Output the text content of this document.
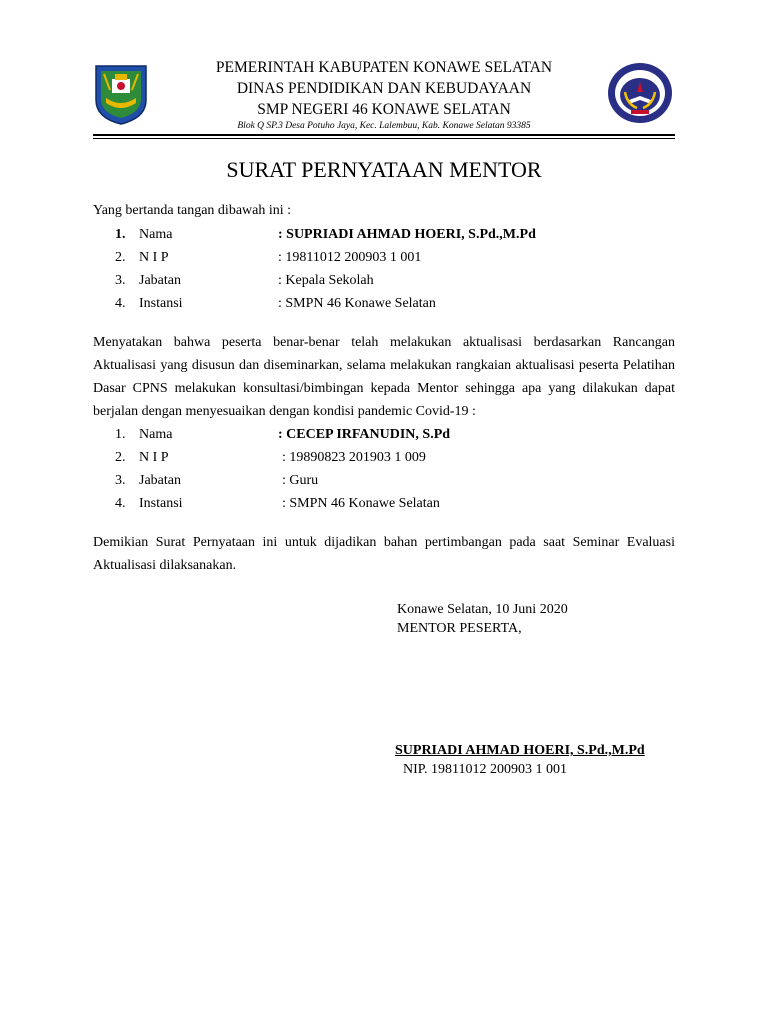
PEMERINTAH KABUPATEN KONAWE SELATAN
DINAS PENDIDIKAN DAN KEBUDAYAAN
SMP NEGERI 46 KONAWE SELATAN
Blok Q SP.3 Desa Potuho Jaya, Kec. Lalembuu, Kab. Konawe Selatan 93385
SURAT PERNYATAAN MENTOR
Yang bertanda tangan dibawah ini :
1. Nama	: SUPRIADI AHMAD HOERI, S.Pd.,M.Pd
2. N I P	: 19811012 200903 1 001
3. Jabatan	: Kepala Sekolah
4. Instansi	: SMPN 46 Konawe Selatan
Menyatakan bahwa peserta benar-benar telah melakukan aktualisasi berdasarkan Rancangan Aktualisasi yang disusun dan diseminarkan, selama melakukan rangkaian aktualisasi peserta Pelatihan Dasar CPNS melakukan konsultasi/bimbingan kepada Mentor sehingga apa yang dilakukan dapat berjalan dengan menyesuaikan dengan kondisi pandemic Covid-19 :
1. Nama	: CECEP IRFANUDIN, S.Pd
2. N I P	: 19890823 201903 1 009
3. Jabatan	: Guru
4. Instansi	: SMPN 46 Konawe Selatan
Demikian Surat Pernyataan ini untuk dijadikan bahan pertimbangan pada saat Seminar Evaluasi Aktualisasi dilaksanakan.
Konawe Selatan, 10 Juni 2020
MENTOR PESERTA,
SUPRIADI AHMAD HOERI, S.Pd.,M.Pd
NIP. 19811012 200903 1 001
